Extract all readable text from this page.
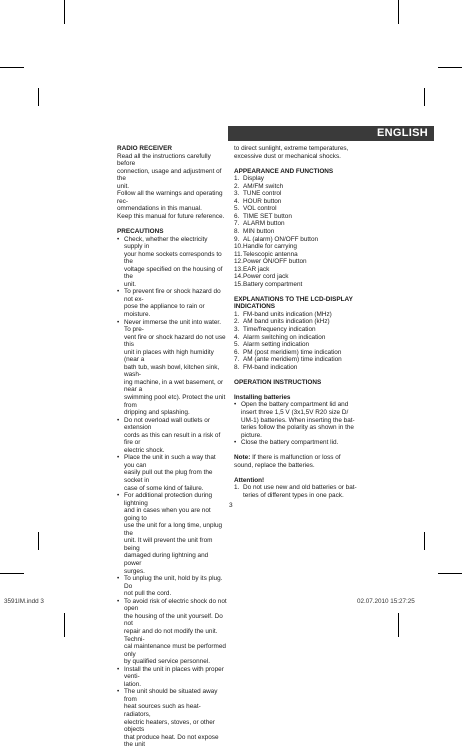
ENGLISH
RADIO RECEIVER
Read all the instructions carefully before
connection, usage and adjustment of the
unit.
Follow all the warnings and operating rec-
ommendations in this manual.
Keep this manual for future reference.
PRECAUTIONS
• Check, whether the electricity supply in
your home sockets corresponds to the
voltage specified on the housing of the
unit.
• To prevent fire or shock hazard do not ex-
pose the appliance to rain or moisture.
• Never immerse the unit into water. To pre-
vent fire or shock hazard do not use this
unit in places with high humidity (near a
bath tub, wash bowl, kitchen sink, wash-
ing machine, in a wet basement, or near a
swimming pool etc). Protect the unit from
dripping and splashing.
• Do not overload wall outlets or extension
cords as this can result in a risk of fire or
electric shock.
• Place the unit in such a way that you can
easily pull out the plug from the socket in
case of some kind of failure.
• For additional protection during lightning
and in cases when you are not going to
use the unit for a long time, unplug the
unit. It will prevent the unit from being
damaged during lightning and power
surges.
• To unplug the unit, hold by its plug. Do
not pull the cord.
• To avoid risk of electric shock do not open
the housing of the unit yourself. Do not
repair and do not modify the unit. Techni-
cal maintenance must be performed only
by qualified service personnel.
• Install the unit in places with proper venti-
lation.
• The unit should be situated away from
heat sources such as heat-radiators,
electric heaters, stoves, or other objects
that produce heat. Do not expose the unit
to direct sunlight, extreme temperatures,
excessive dust or mechanical shocks.
APPEARANCE AND FUNCTIONS
1. Display
2. AM/FM switch
3. TUNE control
4. HOUR button
5. VOL control
6. TIME SET button
7. ALARM button
8. MIN button
9. AL (alarm) ON/OFF button
10. Handle for carrying
11. Telescopic antenna
12. Power ON/OFF button
13. EAR jack
14. Power cord jack
15. Battery compartment
EXPLANATIONS TO THE LCD-DISPLAY
INDICATIONS
1. FM-band units indication (MHz)
2. AM band units indication (kHz)
3. Time/frequency indication
4. Alarm switching on indication
5. Alarm setting indication
6. PM (post meridiem) time indication
7. AM (ante meridiem) time indication
8. FM-band indication
OPERATION INSTRUCTIONS
Installing batteries
• Open the battery compartment lid and
insert three 1,5 V (3x1,5V R20 size D/
UM-1) batteries. When inserting the bat-
teries follow the polarity as shown in the
picture.
• Close the battery compartment lid.
Note: If there is malfunction or loss of
sound, replace the batteries.
Attention!
1. Do not use new and old batteries or bat-
teries of different types in one pack.
3
3591IM.indd 3	02.07.2010 15:27:25
